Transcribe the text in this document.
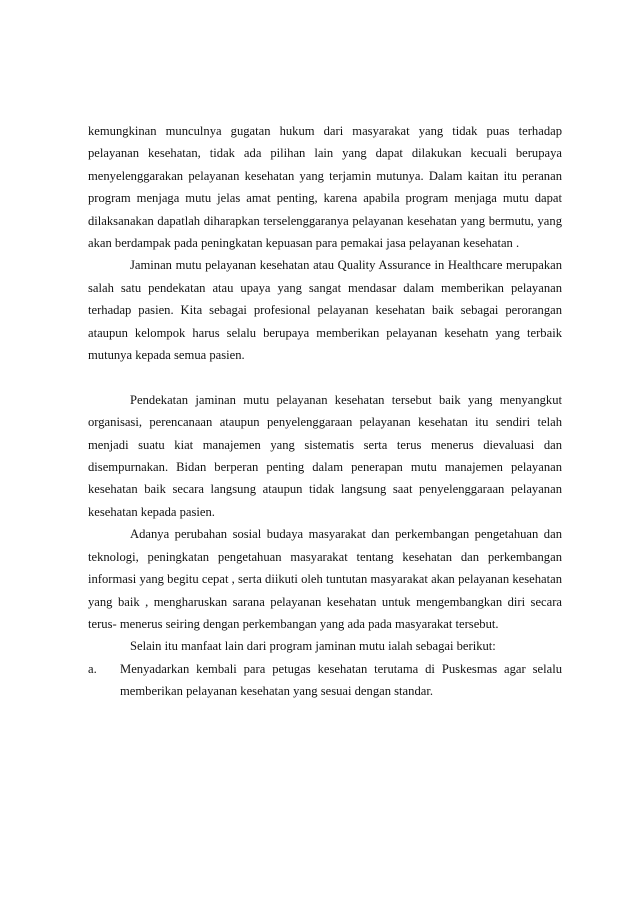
kemungkinan munculnya gugatan hukum dari masyarakat yang tidak puas terhadap pelayanan kesehatan, tidak ada pilihan lain yang dapat dilakukan kecuali berupaya menyelenggarakan pelayanan kesehatan yang terjamin mutunya. Dalam kaitan itu peranan program menjaga mutu jelas amat penting, karena apabila program menjaga mutu dapat dilaksanakan dapatlah diharapkan terselenggaranya pelayanan kesehatan yang bermutu, yang akan berdampak pada peningkatan kepuasan para pemakai jasa pelayanan kesehatan .

Jaminan mutu pelayanan kesehatan atau Quality Assurance in Healthcare merupakan salah satu pendekatan atau upaya yang sangat mendasar dalam memberikan pelayanan terhadap pasien. Kita sebagai profesional pelayanan kesehatan baik sebagai perorangan ataupun kelompok harus selalu berupaya memberikan pelayanan kesehatn yang terbaik mutunya kepada semua pasien.

Pendekatan jaminan mutu pelayanan kesehatan tersebut baik yang menyangkut organisasi, perencanaan ataupun penyelenggaraan pelayanan kesehatan itu sendiri telah menjadi suatu kiat manajemen yang sistematis serta terus menerus dievaluasi dan disempurnakan. Bidan berperan penting dalam penerapan mutu manajemen pelayanan kesehatan baik secara langsung ataupun tidak langsung saat penyelenggaraan pelayanan kesehatan kepada pasien.

Adanya perubahan sosial budaya masyarakat dan perkembangan pengetahuan dan teknologi, peningkatan pengetahuan masyarakat tentang kesehatan dan perkembangan informasi yang begitu cepat , serta diikuti oleh tuntutan masyarakat akan pelayanan kesehatan yang baik , mengharuskan sarana pelayanan kesehatan untuk mengembangkan diri secara terus- menerus seiring dengan perkembangan yang ada pada masyarakat tersebut.

Selain itu manfaat lain dari program jaminan mutu ialah sebagai berikut:

a. Menyadarkan kembali para petugas kesehatan terutama di Puskesmas agar selalu memberikan pelayanan kesehatan yang sesuai dengan standar.
